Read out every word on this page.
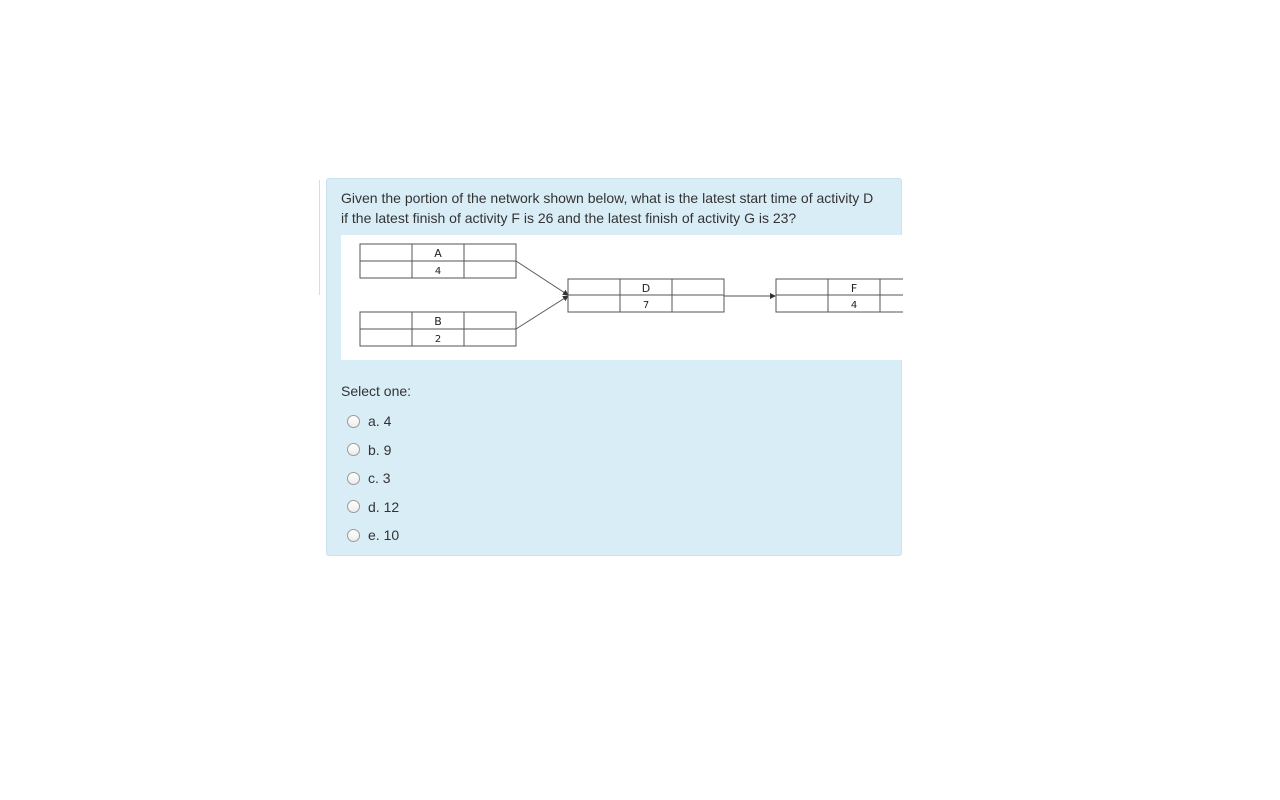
Given the portion of the network shown below, what is the latest start time of activity D if the latest finish of activity F is 26 and the latest finish of activity G is 23?

A
4
B
2
D
7
F
4

Select one:

a. 4
b. 9
c. 3
d. 12
e. 10
